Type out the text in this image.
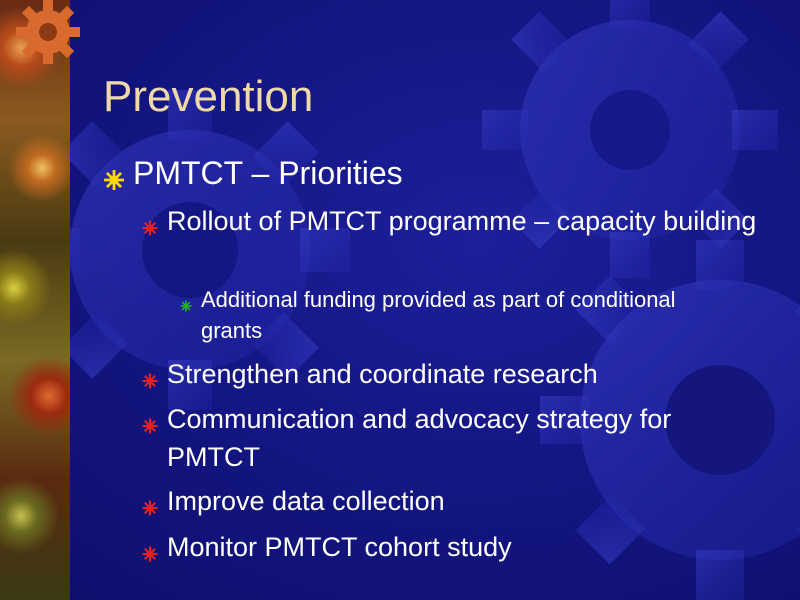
Prevention
PMTCT – Priorities
Rollout of PMTCT programme – capacity building
Additional funding provided as part of conditional grants
Strengthen and coordinate research
Communication and advocacy strategy for PMTCT
Improve data collection
Monitor PMTCT cohort study
